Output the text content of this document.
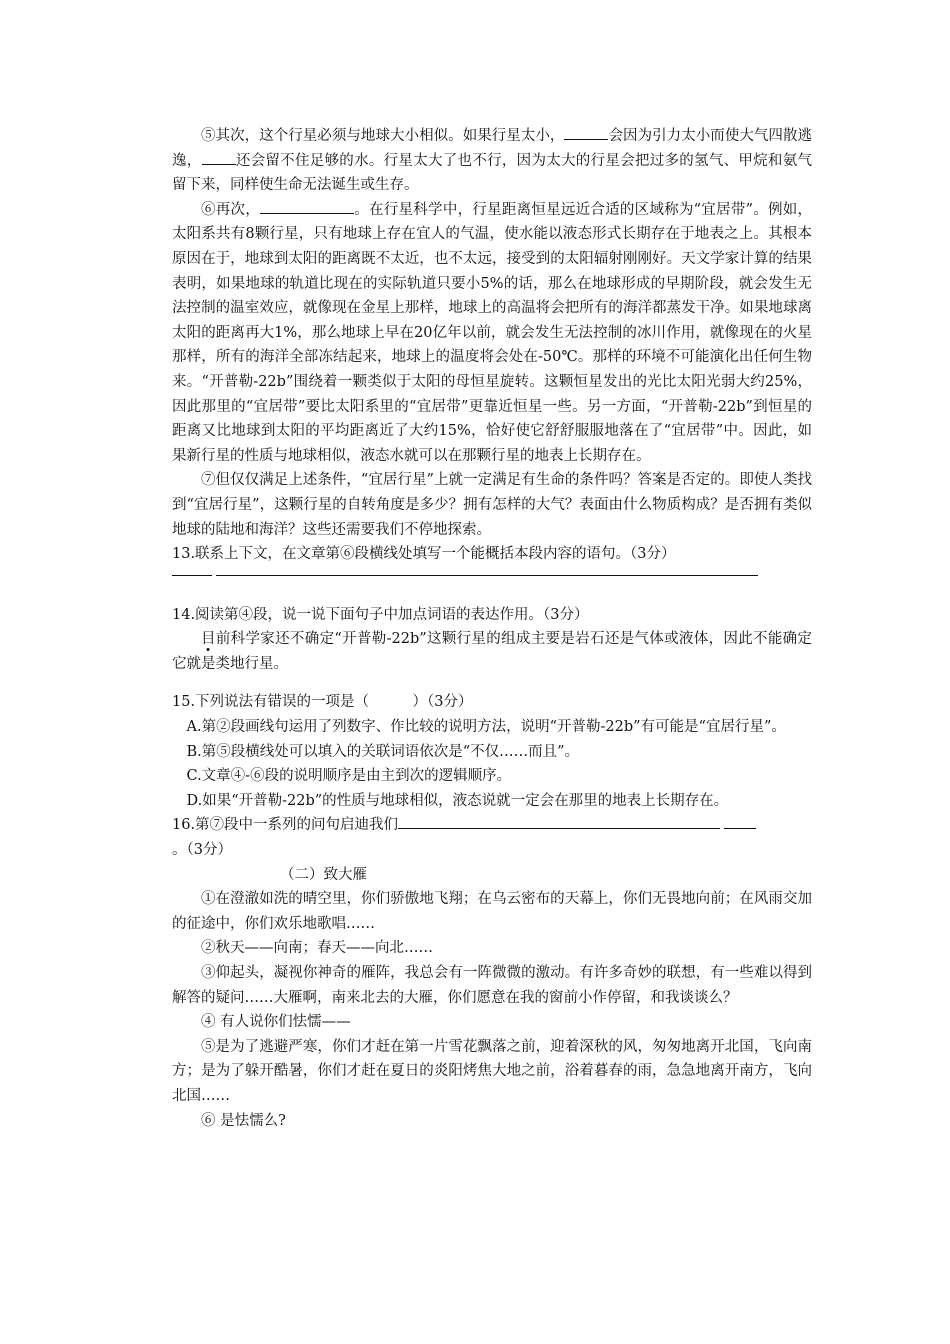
⑤其次，这个行星必须与地球大小相似。如果行星太小，	会因为引力太小而使大气四散逃逸， 还会留不住足够的水。行星太大了也不行，因为太大的行星会把过多的氢气、甲烷和氨气留下来，同样使生命无法诞生或生存。

⑥再次，	。在行星科学中，行星距离恒星远近合适的区域称为“宜居带”。例如，太阳系共有8颗行星，只有地球上存在宜人的气温，使水能以液态形式长期存在于地表之上。其根本原因在于，地球到太阳的距离既不太近，也不太远，接受到的太阳辐射刚刚好。天文学家计算的结果表明，如果地球的轨道比现在的实际轨道只要小5%的话，那么在地球形成的早期阶段，就会发生无法控制的温室效应，就像现在金星上那样，地球上的高温将会把所有的海洋都蒸发干净。如果地球离太阳的距离再大1%，那么地球上早在20亿年以前，就会发生无法控制的冰川作用，就像现在的火星那样，所有的海洋全部冻结起来，地球上的温度将会处在-50℃。那样的环境不可能演化出任何生物来。“开普勒-22b”围绕着一颗类似于太阳的母恒星旋转。这颗恒星发出的光比太阳光弱大约25%，因此那里的“宜居带”要比太阳系里的“宜居带”更靠近恒星一些。另一方面，“开普勒-22b”到恒星的距离又比地球到太阳的平均距离近了大约15%，恰好使它舒舒服服地落在了“宜居带”中。因此，如果新行星的性质与地球相似，液态水就可以在那颗行星的地表上长期存在。

⑦但仅仅满足上述条件，“宜居行星”上就一定满足有生命的条件吗？答案是否定的。即使人类找到“宜居行星”，这颗行星的自转角度是多少？拥有怎样的大气？表面由什么物质构成？是否拥有类似地球的陆地和海洋？这些还需要我们不停地探索。

13.联系上下文，在文章第⑥段横线处填写一个能概括本段内容的语句。（3分）

14.阅读第④段，说一说下面句子中加点词语的表达作用。（3分）

目前科学家还不确定“开普勒-22b”这颗行星的组成主要是岩石还是气体或液体，因此不能确定它就是类地行星。

15.下列说法有错误的一项是（　　　）（3分）

A.第②段画线句运用了列数字、作比较的说明方法，说明“开普勒-22b”有可能是“宜居行星”。

B.第⑤段横线处可以填入的关联词语依次是“不仅……而且”。

C.文章④-⑥段的说明顺序是由主到次的逻辑顺序。

D.如果“开普勒-22b”的性质与地球相似，液态说就一定会在那里的地表上长期存在。

16.第⑦段中一系列的问句启迪我们。（3分）

（二）致大雁

①在澄澈如洗的晴空里，你们骄傲地飞翔；在乌云密布的天幕上，你们无畏地向前；在风雨交加的征途中，你们欢乐地歌唱……

②秋天——向南；春天——向北……

③仰起头，凝视你神奇的雁阵，我总会有一阵微微的激动。有许多奇妙的联想，有一些难以得到解答的疑问……大雁啊，南来北去的大雁，你们愿意在我的窗前小作停留，和我谈谈么？

④ 有人说你们怯懦——

⑤是为了逃避严寒，你们才赶在第一片雪花飘落之前，迎着深秋的风，匆匆地离开北国，飞向南方；是为了躲开酷暑，你们才赶在夏日的炎阳烤焦大地之前，浴着暮春的雨，急急地离开南方，飞向北国……

⑥ 是怯懦么?
